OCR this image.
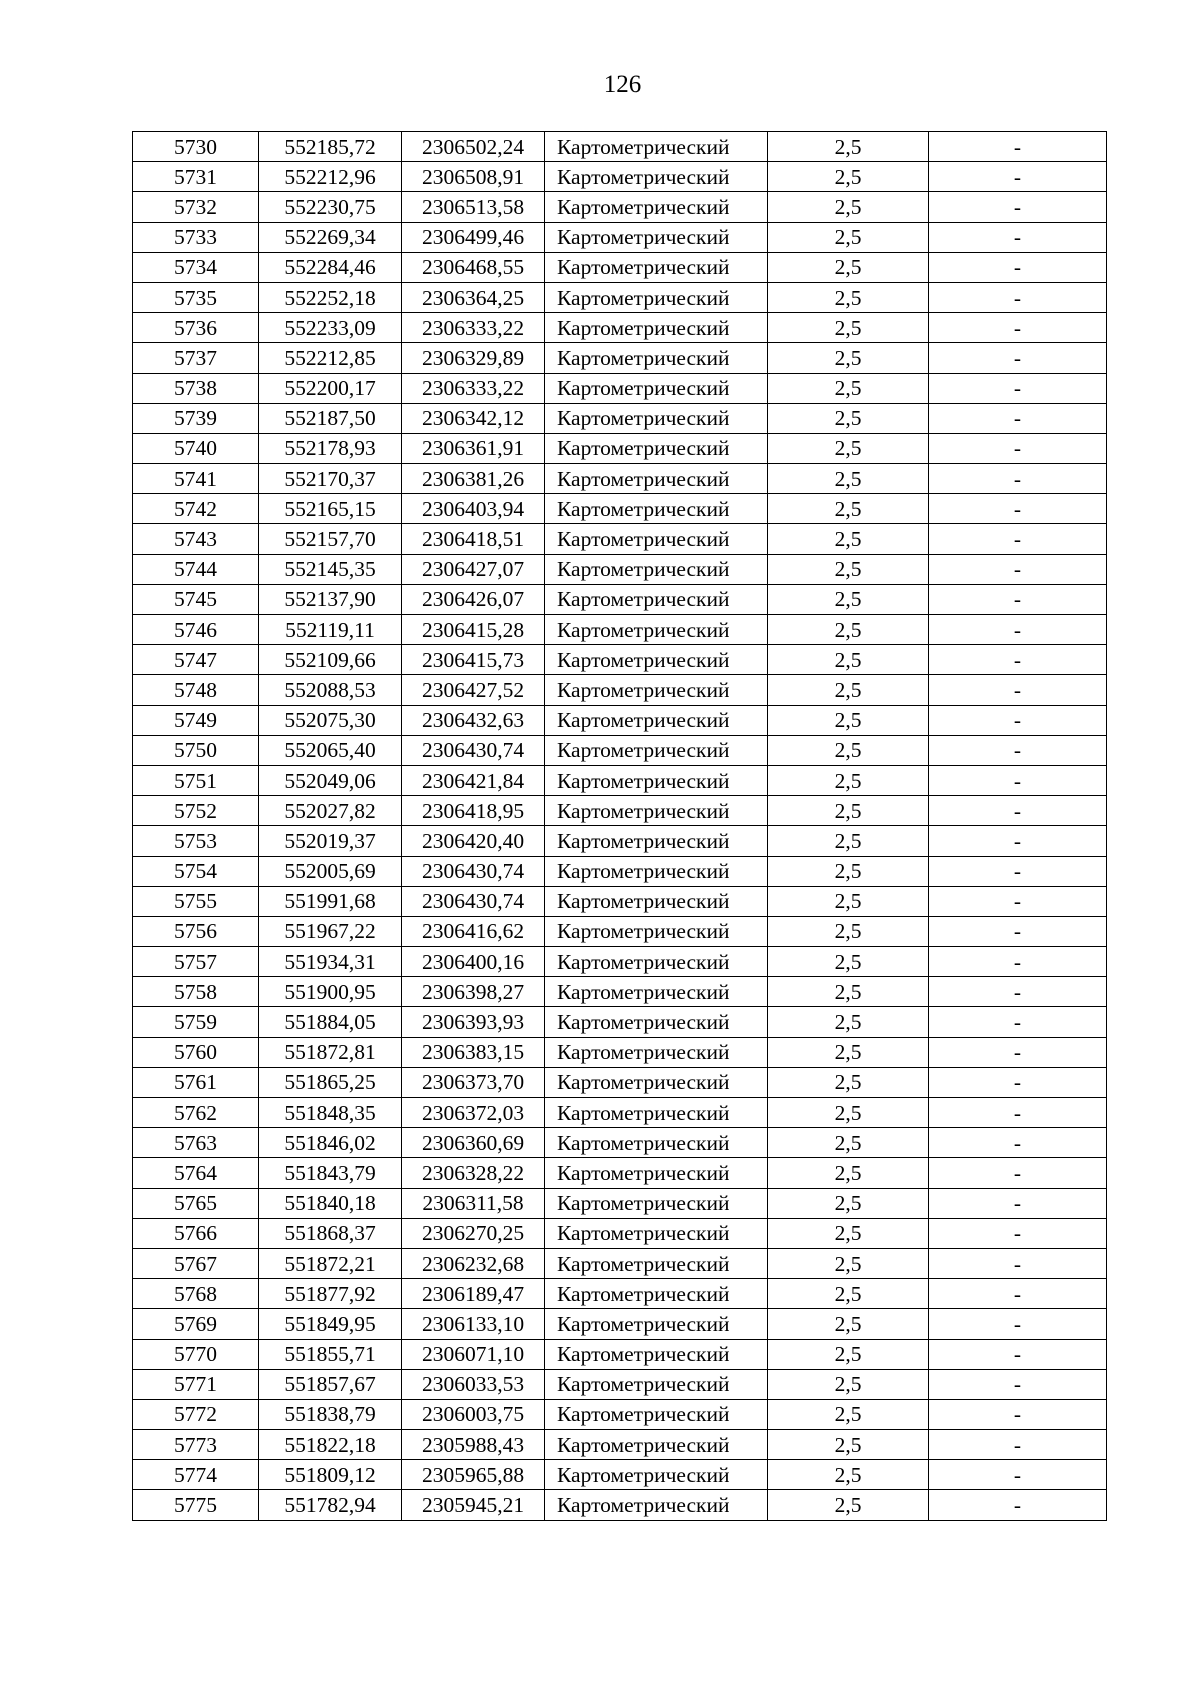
126
5730	552185,72	2306502,24	Картометрический	2,5	-
5731	552212,96	2306508,91	Картометрический	2,5	-
5732	552230,75	2306513,58	Картометрический	2,5	-
5733	552269,34	2306499,46	Картометрический	2,5	-
5734	552284,46	2306468,55	Картометрический	2,5	-
5735	552252,18	2306364,25	Картометрический	2,5	-
5736	552233,09	2306333,22	Картометрический	2,5	-
5737	552212,85	2306329,89	Картометрический	2,5	-
5738	552200,17	2306333,22	Картометрический	2,5	-
5739	552187,50	2306342,12	Картометрический	2,5	-
5740	552178,93	2306361,91	Картометрический	2,5	-
5741	552170,37	2306381,26	Картометрический	2,5	-
5742	552165,15	2306403,94	Картометрический	2,5	-
5743	552157,70	2306418,51	Картометрический	2,5	-
5744	552145,35	2306427,07	Картометрический	2,5	-
5745	552137,90	2306426,07	Картометрический	2,5	-
5746	552119,11	2306415,28	Картометрический	2,5	-
5747	552109,66	2306415,73	Картометрический	2,5	-
5748	552088,53	2306427,52	Картометрический	2,5	-
5749	552075,30	2306432,63	Картометрический	2,5	-
5750	552065,40	2306430,74	Картометрический	2,5	-
5751	552049,06	2306421,84	Картометрический	2,5	-
5752	552027,82	2306418,95	Картометрический	2,5	-
5753	552019,37	2306420,40	Картометрический	2,5	-
5754	552005,69	2306430,74	Картометрический	2,5	-
5755	551991,68	2306430,74	Картометрический	2,5	-
5756	551967,22	2306416,62	Картометрический	2,5	-
5757	551934,31	2306400,16	Картометрический	2,5	-
5758	551900,95	2306398,27	Картометрический	2,5	-
5759	551884,05	2306393,93	Картометрический	2,5	-
5760	551872,81	2306383,15	Картометрический	2,5	-
5761	551865,25	2306373,70	Картометрический	2,5	-
5762	551848,35	2306372,03	Картометрический	2,5	-
5763	551846,02	2306360,69	Картометрический	2,5	-
5764	551843,79	2306328,22	Картометрический	2,5	-
5765	551840,18	2306311,58	Картометрический	2,5	-
5766	551868,37	2306270,25	Картометрический	2,5	-
5767	551872,21	2306232,68	Картометрический	2,5	-
5768	551877,92	2306189,47	Картометрический	2,5	-
5769	551849,95	2306133,10	Картометрический	2,5	-
5770	551855,71	2306071,10	Картометрический	2,5	-
5771	551857,67	2306033,53	Картометрический	2,5	-
5772	551838,79	2306003,75	Картометрический	2,5	-
5773	551822,18	2305988,43	Картометрический	2,5	-
5774	551809,12	2305965,88	Картометрический	2,5	-
5775	551782,94	2305945,21	Картометрический	2,5	-
